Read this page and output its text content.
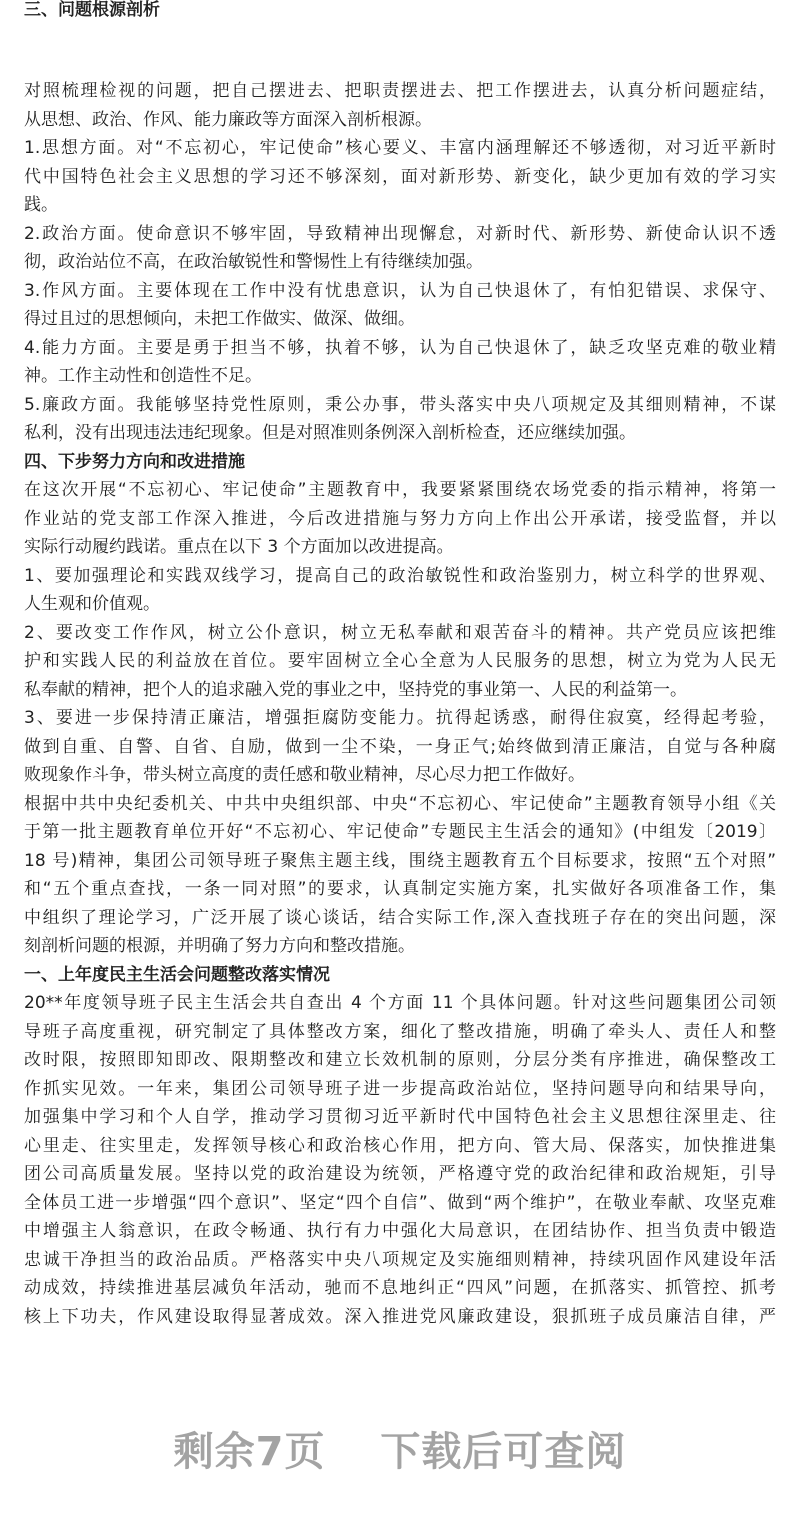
三、问题根源剖析
对照梳理检视的问题，把自己摆进去、把职责摆进去、把工作摆进去，认真分析问题症结，
从思想、政治、作风、能力廉政等方面深入剖析根源。
1.思想方面。对“不忘初心，牢记使命”核心要义、丰富内涵理解还不够透彻，对习近平新时
代中国特色社会主义思想的学习还不够深刻，面对新形势、新变化，缺少更加有效的学习实
践。
2.政治方面。使命意识不够牢固，导致精神出现懈怠，对新时代、新形势、新使命认识不透
彻，政治站位不高，在政治敏锐性和警惕性上有待继续加强。
3.作风方面。主要体现在工作中没有忧患意识，认为自己快退休了，有怕犯错误、求保守、
得过且过的思想倾向，未把工作做实、做深、做细。
4.能力方面。主要是勇于担当不够，执着不够，认为自己快退休了，缺乏攻坚克难的敬业精
神。工作主动性和创造性不足。
5.廉政方面。我能够坚持党性原则，秉公办事，带头落实中央八项规定及其细则精神，不谋
私利，没有出现违法违纪现象。但是对照准则条例深入剖析检查，还应继续加强。
四、下步努力方向和改进措施
在这次开展“不忘初心、牢记使命”主题教育中，我要紧紧围绕农场党委的指示精神，将第一
作业站的党支部工作深入推进，今后改进措施与努力方向上作出公开承诺，接受监督，并以
实际行动履约践诺。重点在以下 3 个方面加以改进提高。
1、要加强理论和实践双线学习，提高自己的政治敏锐性和政治鉴别力，树立科学的世界观、
人生观和价值观。
2、要改变工作作风，树立公仆意识，树立无私奉献和艰苦奋斗的精神。共产党员应该把维
护和实践人民的利益放在首位。要牢固树立全心全意为人民服务的思想，树立为党为人民无
私奉献的精神，把个人的追求融入党的事业之中，坚持党的事业第一、人民的利益第一。
3、要进一步保持清正廉洁，增强拒腐防变能力。抗得起诱惑，耐得住寂寞，经得起考验，
做到自重、自警、自省、自励，做到一尘不染，一身正气;始终做到清正廉洁，自觉与各种腐
败现象作斗争，带头树立高度的责任感和敬业精神，尽心尽力把工作做好。
根据中共中央纪委机关、中共中央组织部、中央“不忘初心、牢记使命”主题教育领导小组《关
于第一批主题教育单位开好“不忘初心、牢记使命”专题民主生活会的通知》(中组发〔2019〕
18 号)精神，集团公司领导班子聚焦主题主线，围绕主题教育五个目标要求，按照“五个对照”
和“五个重点查找，一条一同对照”的要求，认真制定实施方案，扎实做好各项准备工作，集
中组织了理论学习，广泛开展了谈心谈话，结合实际工作,深入查找班子存在的突出问题，深
刻剖析问题的根源，并明确了努力方向和整改措施。
一、上年度民主生活会问题整改落实情况
20**年度领导班子民主生活会共自查出 4 个方面 11 个具体问题。针对这些问题集团公司领
导班子高度重视，研究制定了具体整改方案，细化了整改措施，明确了牵头人、责任人和整
改时限，按照即知即改、限期整改和建立长效机制的原则，分层分类有序推进，确保整改工
作抓实见效。一年来，集团公司领导班子进一步提高政治站位，坚持问题导向和结果导向，
加强集中学习和个人自学，推动学习贯彻习近平新时代中国特色社会主义思想往深里走、往
心里走、往实里走，发挥领导核心和政治核心作用，把方向、管大局、保落实，加快推进集
团公司高质量发展。坚持以党的政治建设为统领，严格遵守党的政治纪律和政治规矩，引导
全体员工进一步增强“四个意识”、坚定“四个自信”、做到“两个维护”，在敬业奉献、攻坚克难
中增强主人翁意识，在政令畅通、执行有力中强化大局意识，在团结协作、担当负责中锻造
忠诚干净担当的政治品质。严格落实中央八项规定及实施细则精神，持续巩固作风建设年活
动成效，持续推进基层减负年活动，驰而不息地纠正“四风”问题，在抓落实、抓管控、抓考
核上下功夫，作风建设取得显著成效。深入推进党风廉政建设，狠抓班子成员廉洁自律，严
剩余7页 下载后可查阅
